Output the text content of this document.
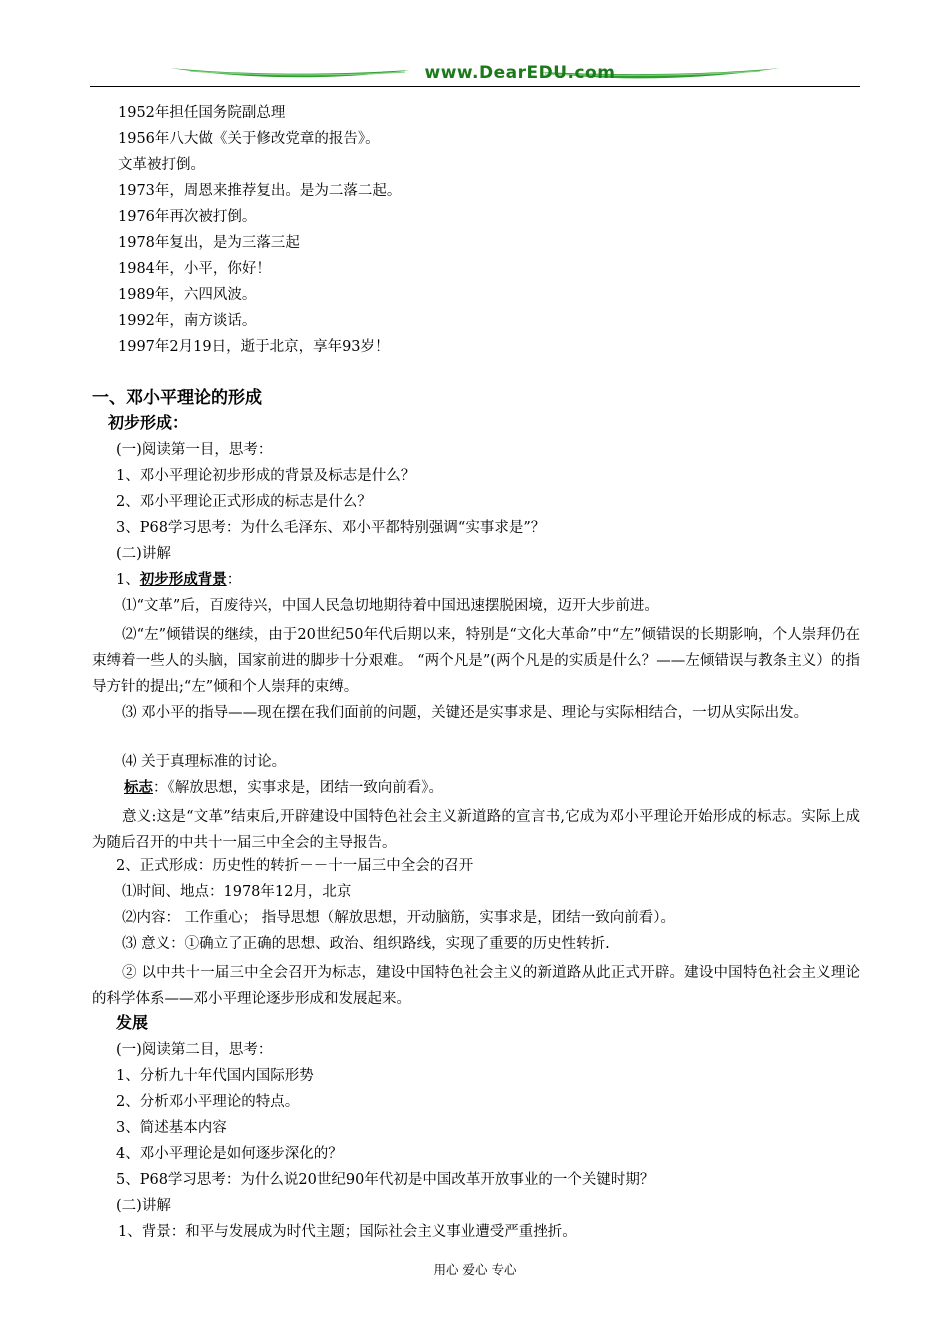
www.DearEDU.com
1952年担任国务院副总理
1956年八大做《关于修改党章的报告》。
文革被打倒。
1973年，周恩来推荐复出。是为二落二起。
1976年再次被打倒。
1978年复出，是为三落三起
1984年，小平，你好！
1989年，六四风波。
1992年，南方谈话。
1997年2月19日，逝于北京，享年93岁！
一、邓小平理论的形成
初步形成：
(一)阅读第一目，思考：
1、邓小平理论初步形成的背景及标志是什么？
2、邓小平理论正式形成的标志是什么？
3、P68学习思考：为什么毛泽东、邓小平都特别强调“实事求是”？
(二)讲解
1、初步形成背景：
⑴“文革”后，百废待兴，中国人民急切地期待着中国迅速摆脱困境，迈开大步前进。
⑵“左”倾错误的继续，由于20世纪50年代后期以来，特别是“文化大革命”中“左”倾错误的长期影响，个人崇拜仍在束缚着一些人的头脑，国家前进的脚步十分艰难。 “两个凡是”(两个凡是的实质是什么？——左倾错误与教条主义）的指导方针的提出;“左”倾和个人崇拜的束缚。
⑶ 邓小平的指导——现在摆在我们面前的问题，关键还是实事求是、理论与实际相结合，一切从实际出发。
⑷ 关于真理标准的讨论。
标志：《解放思想，实事求是，团结一致向前看》。
意义:这是“文革”结束后,开辟建设中国特色社会主义新道路的宣言书,它成为邓小平理论开始形成的标志。实际上成为随后召开的中共十一届三中全会的主导报告。
2、正式形成：历史性的转折－－十一届三中全会的召开
⑴时间、地点：1978年12月，北京
⑵内容： 工作重心； 指导思想（解放思想，开动脑筋，实事求是，团结一致向前看）。
⑶ 意义：①确立了正确的思想、政治、组织路线，实现了重要的历史性转折.
② 以中共十一届三中全会召开为标志，建设中国特色社会主义的新道路从此正式开辟。建设中国特色社会主义理论的科学体系——邓小平理论逐步形成和发展起来。
发展
(一)阅读第二目，思考：
1、分析九十年代国内国际形势
2、分析邓小平理论的特点。
3、简述基本内容
4、邓小平理论是如何逐步深化的？
5、P68学习思考：为什么说20世纪90年代初是中国改革开放事业的一个关键时期？
(二)讲解
1、背景：和平与发展成为时代主题；国际社会主义事业遭受严重挫折。
用心 爱心 专心
